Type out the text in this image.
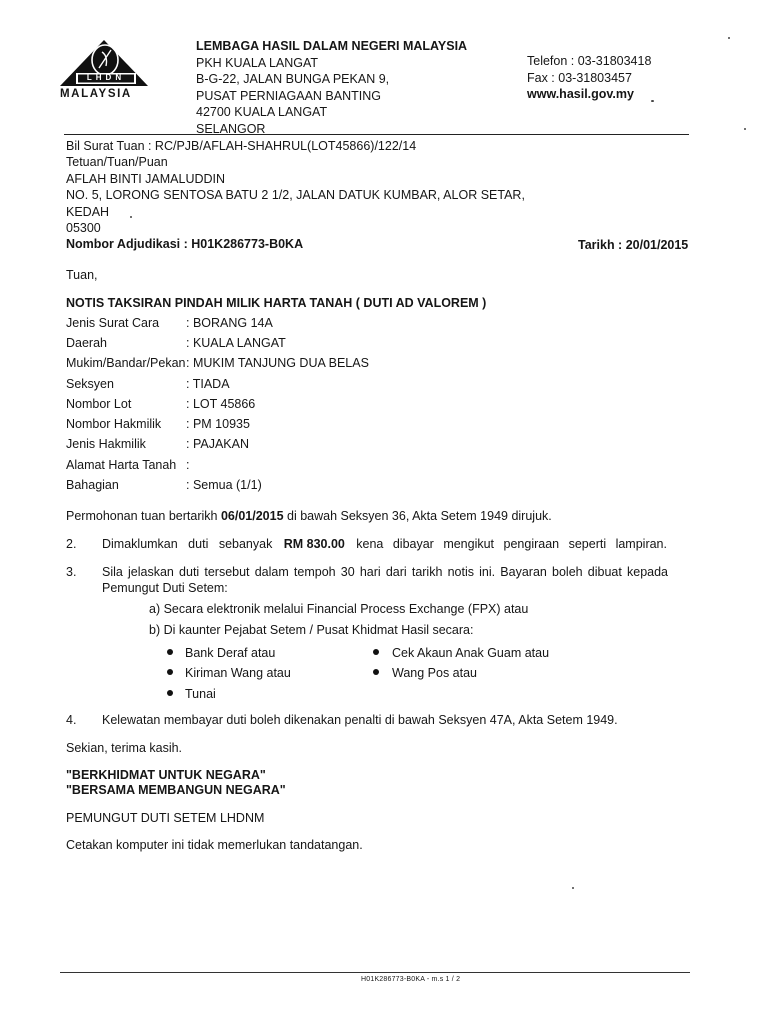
LHDN
MALAYSIA
LEMBAGA HASIL DALAM NEGERI MALAYSIA
PKH KUALA LANGAT
B-G-22, JALAN BUNGA PEKAN 9,
PUSAT PERNIAGAAN BANTING
42700 KUALA LANGAT
SELANGOR
Telefon : 03-31803418
Fax : 03-31803457
www.hasil.gov.my
Bil Surat Tuan : RC/PJB/AFLAH-SHAHRUL(LOT45866)/122/14
Tetuan/Tuan/Puan
AFLAH BINTI JAMALUDDIN
NO. 5, LORONG SENTOSA BATU 2 1/2, JALAN DATUK KUMBAR, ALOR SETAR,
KEDAH
05300
Nombor Adjudikasi : H01K286773-B0KA	Tarikh : 20/01/2015
Tuan,
NOTIS TAKSIRAN PINDAH MILIK HARTA TANAH ( DUTI AD VALOREM )
Jenis Surat Cara : BORANG 14A
Daerah	: KUALA LANGAT
Mukim/Bandar/Pekan : MUKIM TANJUNG DUA BELAS
Seksyen	: TIADA
Nombor Lot	: LOT 45866
Nombor Hakmilik : PM 10935
Jenis Hakmilik	: PAJAKAN
Alamat Harta Tanah :
Bahagian	: Semua (1/1)
Permohonan tuan bertarikh 06/01/2015 di bawah Seksyen 36, Akta Setem 1949 dirujuk.
2. Dimaklumkan duti sebanyak RM 830.00 kena dibayar mengikut pengiraan seperti lampiran.
3. Sila jelaskan duti tersebut dalam tempoh 30 hari dari tarikh notis ini. Bayaran boleh dibuat kepada
Pemungut Duti Setem:
a) Secara elektronik melalui Financial Process Exchange (FPX) atau
b) Di kaunter Pejabat Setem / Pusat Khidmat Hasil secara:
Bank Deraf atau
Kiriman Wang atau
Tunai
Cek Akaun Anak Guam atau
Wang Pos atau
4. Kelewatan membayar duti boleh dikenakan penalti di bawah Seksyen 47A, Akta Setem 1949.
Sekian, terima kasih.
"BERKHIDMAT UNTUK NEGARA"
"BERSAMA MEMBANGUN NEGARA"
PEMUNGUT DUTI SETEM LHDNM
Cetakan komputer ini tidak memerlukan tandatangan.
H01K286773-B0KA - m.s 1 / 2
